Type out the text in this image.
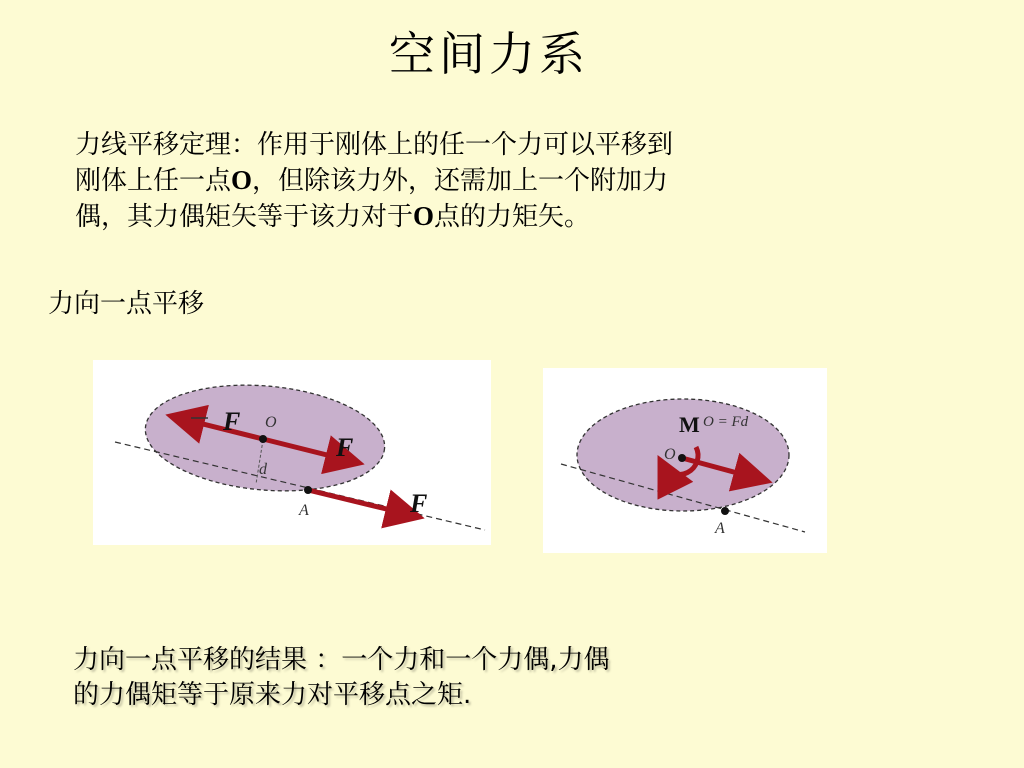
空间力系

力线平移定理：作用于刚体上的任一个力可以平移到

刚体上任一点O，但除该力外，还需加上一个附加力

偶，其力偶矩矢等于该力对于O点的力矩矢。

力向一点平移
F
F
F
O
d
A
M O = Fd
O
A

力向一点平移的结果 ：一个力和一个力偶,力偶

的力偶矩等于原来力对平移点之矩.
